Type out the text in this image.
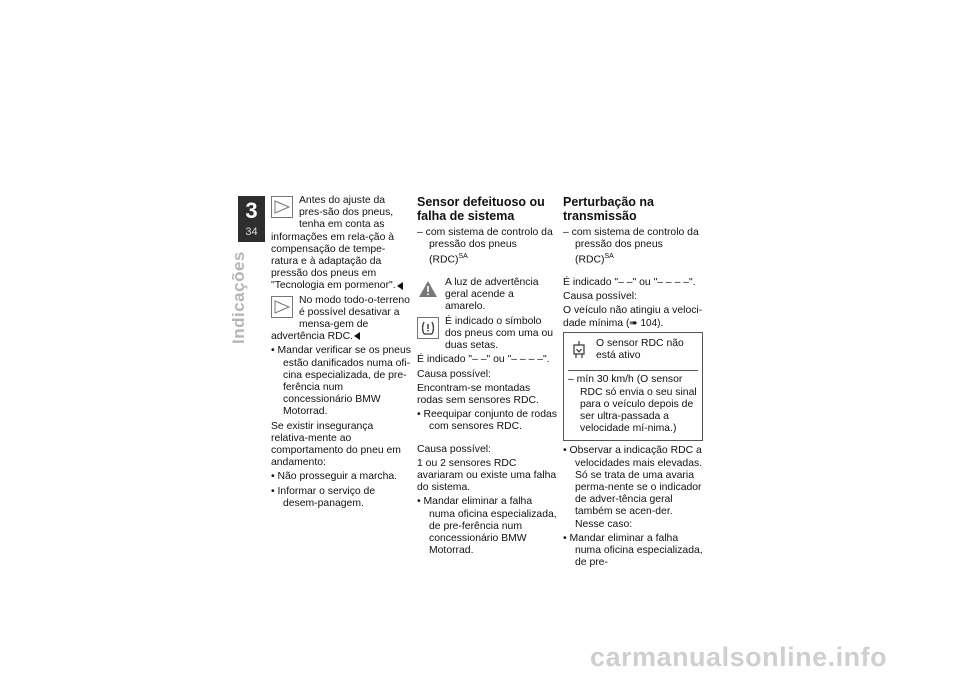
3
34
Indicações

Antes do ajuste da pres-são dos pneus, tenha em conta as informações em rela-ção à compensação de tempe-ratura e à adaptação da pressão dos pneus em "Tecnologia em pormenor".

No modo todo-o-terreno é possível desativar a mensa-gem de advertência RDC.

• Mandar verificar se os pneus estão danificados numa ofi-cina especializada, de pre-ferência num concessionário BMW Motorrad.

Se existir insegurança relativa-mente ao comportamento do pneu em andamento:

• Não prosseguir a marcha.

• Informar o serviço de desem-panagem.

Sensor defeituoso ou falha de sistema

– com sistema de controlo da pressão dos pneus (RDC)$^{SA}$

A luz de advertência geral acende a amarelo.

É indicado o símbolo dos pneus com uma ou duas setas.

É indicado "– –" ou "– – – –".

Causa possível:

Encontram-se montadas rodas sem sensores RDC.

• Reequipar conjunto de rodas com sensores RDC.

Causa possível:

1 ou 2 sensores RDC avariaram ou existe uma falha do sistema.

• Mandar eliminar a falha numa oficina especializada, de pre-ferência num concessionário BMW Motorrad.

Perturbação na transmissão

– com sistema de controlo da pressão dos pneus (RDC)$^{SA}$

É indicado "– –" ou "– – – –".

Causa possível:

O veículo não atingiu a veloci-dade mínima (➠ 104).

O sensor RDC não está ativo

– mín 30 km/h (O sensor RDC só envia o seu sinal para o veículo depois de ser ultra-passada a velocidade mí-nima.)

• Observar a indicação RDC a velocidades mais elevadas. Só se trata de uma avaria perma-nente se o indicador de adver-tência geral também se acen-der. Nesse caso:

• Mandar eliminar a falha numa oficina especializada, de pre-

carmanualsonline.info
